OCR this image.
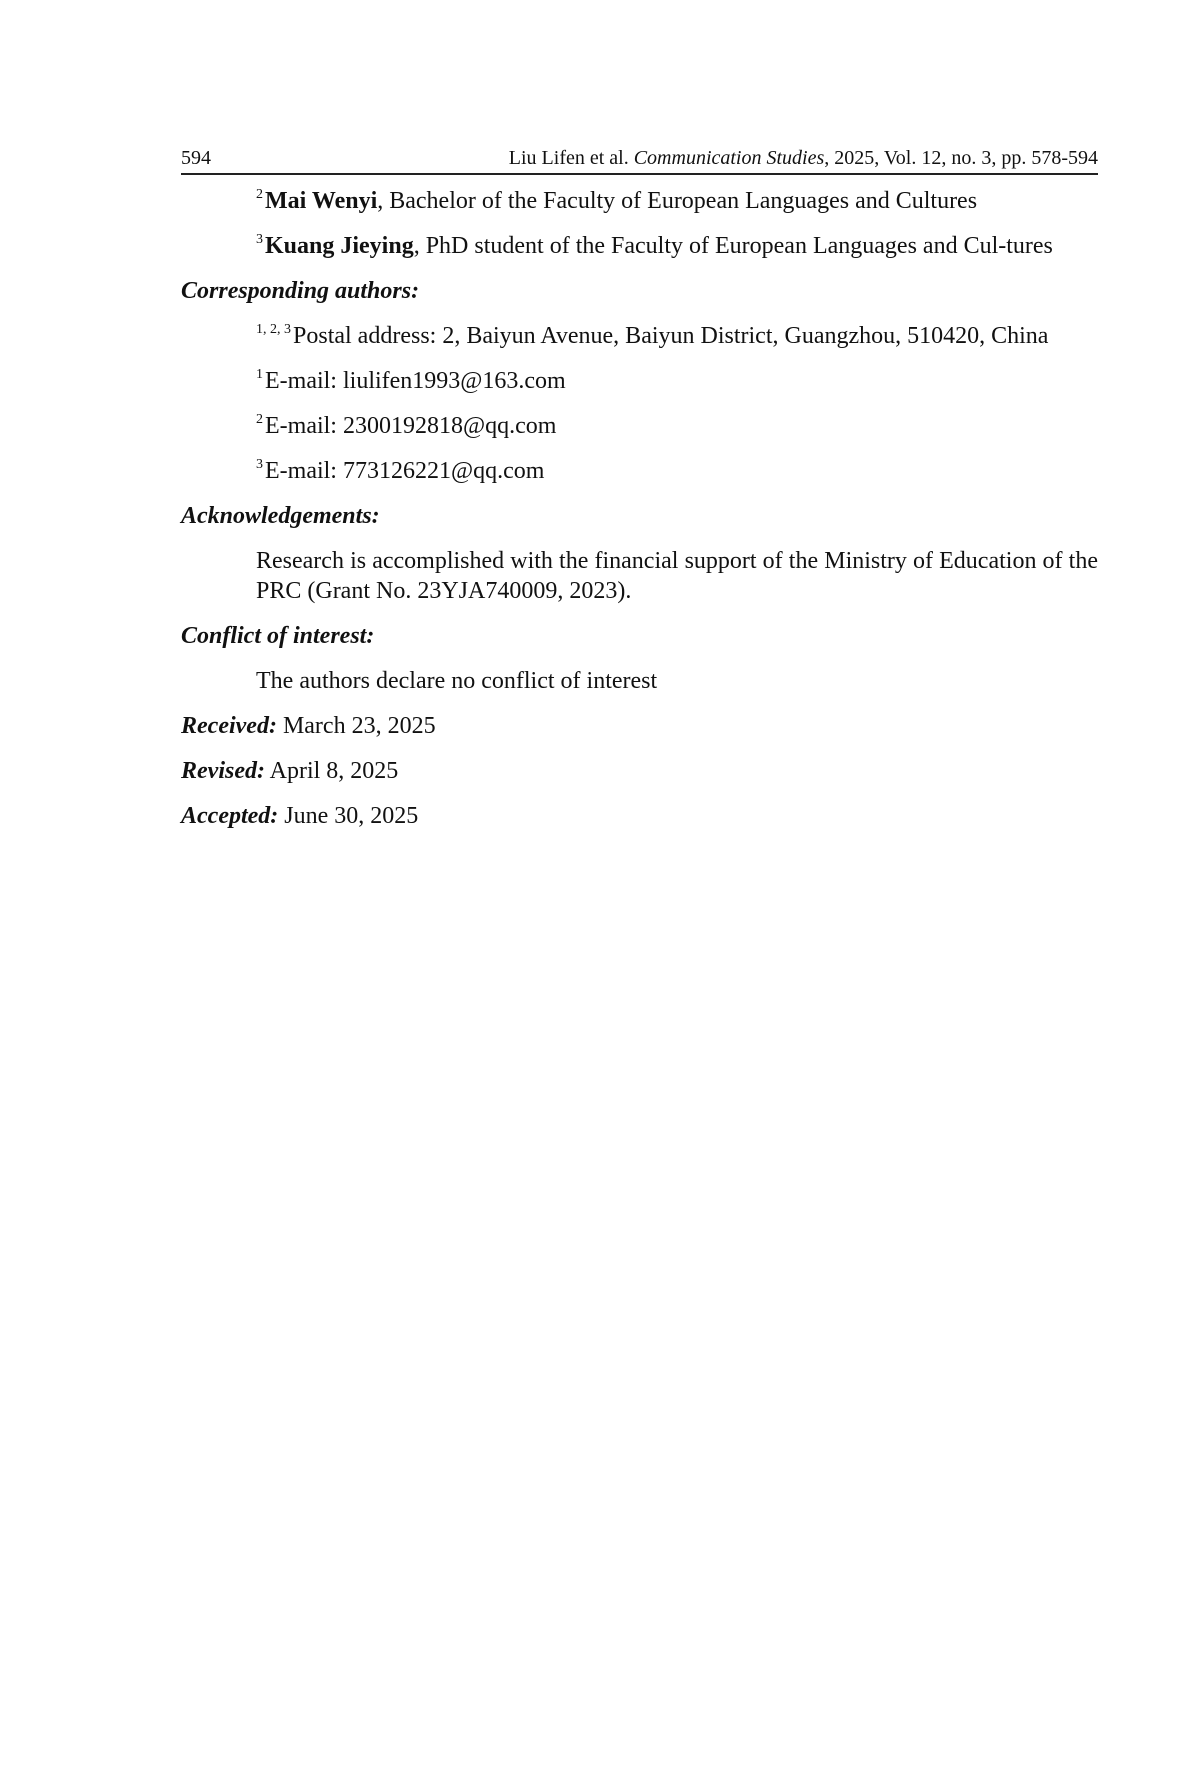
594	Liu Lifen et al. Communication Studies, 2025, Vol. 12, no. 3, pp. 578-594

$^2$Mai Wenyi, Bachelor of the Faculty of European Languages and Cultures

$^3$Kuang Jieying, PhD student of the Faculty of European Languages and Cul-tures

Corresponding authors:

$^{1, 2, 3}$Postal address: 2, Baiyun Avenue, Baiyun District, Guangzhou, 510420, China

$^1$E-mail: liulifen1993@163.com

$^2$E-mail: 2300192818@qq.com

$^3$E-mail: 773126221@qq.com

Acknowledgements:

Research is accomplished with the financial support of the Ministry of Education of the PRC (Grant No. 23YJA740009, 2023).

Conflict of interest:

The authors declare no conflict of interest

Received: March 23, 2025

Revised: April 8, 2025

Accepted: June 30, 2025
